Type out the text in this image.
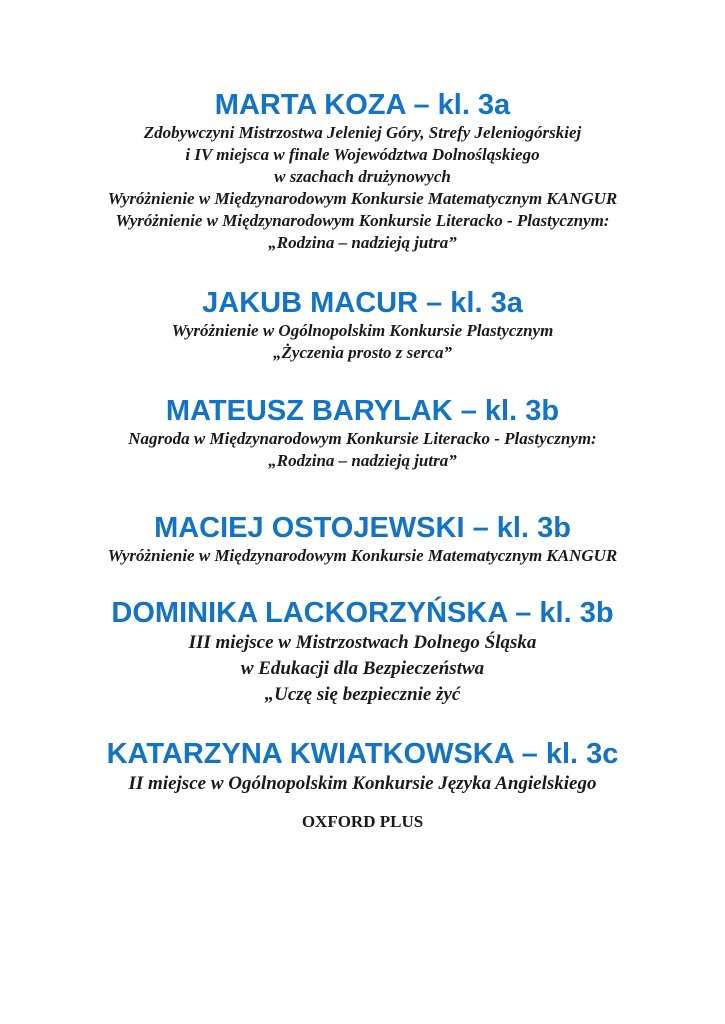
MARTA KOZA – kl. 3a
Zdobywczyni Mistrzostwa Jeleniej Góry, Strefy Jeleniogórskiej
i IV miejsca w finale Województwa Dolnośląskiego
w szachach drużynowych
Wyróżnienie w Międzynarodowym Konkursie Matematycznym KANGUR
Wyróżnienie w Międzynarodowym Konkursie Literacko - Plastycznym:
„Rodzina – nadzieją jutra”
JAKUB MACUR – kl. 3a
Wyróżnienie w Ogólnopolskim Konkursie Plastycznym
„Życzenia prosto z serca”
MATEUSZ BARYLAK – kl. 3b
Nagroda w Międzynarodowym Konkursie Literacko - Plastycznym:
„Rodzina – nadzieją jutra”
MACIEJ OSTOJEWSKI – kl. 3b
Wyróżnienie w Międzynarodowym Konkursie Matematycznym KANGUR
DOMINIKA LACKORZYŃSKA – kl. 3b
III miejsce w Mistrzostwach Dolnego Śląska
w Edukacji dla Bezpieczeństwa
„Uczę się bezpiecznie żyć
KATARZYNA KWIATKOWSKA – kl. 3c
II miejsce w Ogólnopolskim Konkursie Języka Angielskiego
OXFORD PLUS
